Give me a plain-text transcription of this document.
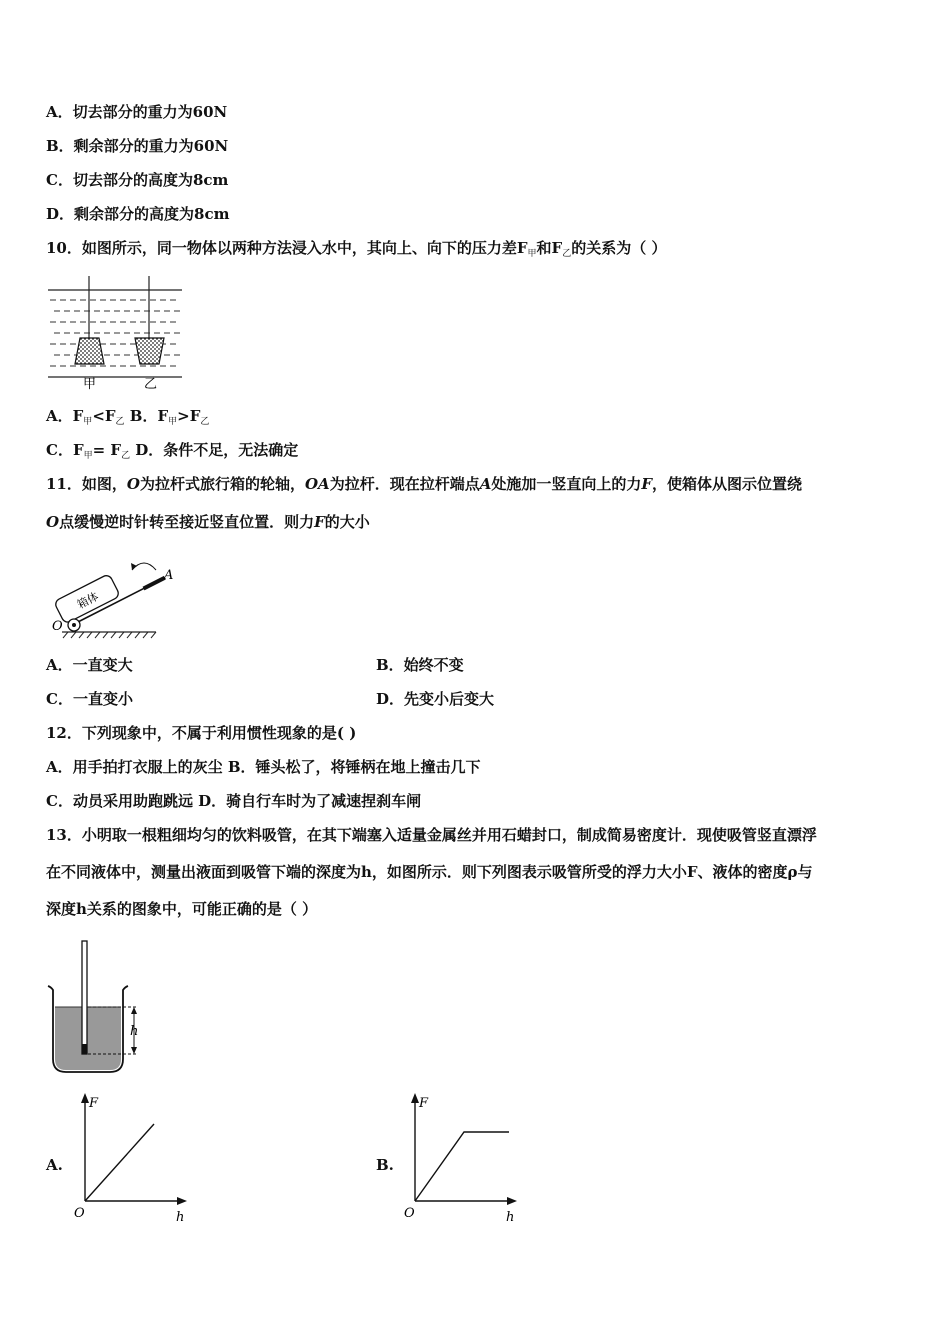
A．切去部分的重力为60N
B．剩余部分的重力为60N
C．切去部分的高度为8cm
D．剩余部分的高度为8cm
10．如图所示，同一物体以两种方法浸入水中，其向上、向下的压力差$F_甲$和$F_乙$的关系为（ ）
甲	乙
A．$F_甲<F_乙$ B．$F_甲>F_乙$
C．$F_甲= F_乙$ D．条件不足，无法确定
11．如图，O为拉杆式旅行箱的轮轴，OA为拉杆．现在拉杆端点A处施加一竖直向上的力F，使箱体从图示位置绕
O点缓慢逆时针转至接近竖直位置．则力F的大小
箱体
O
A
A．一直变大	B．始终不变
C．一直变小	D．先变小后变大
12．下列现象中，不属于利用惯性现象的是( )
A．用手拍打衣服上的灰尘 B．锤头松了，将锤柄在地上撞击几下
C．动员采用助跑跳远 D．骑自行车时为了减速捏刹车闸
13．小明取一根粗细均匀的饮料吸管，在其下端塞入适量金属丝并用石蜡封口，制成简易密度计．现使吸管竖直漂浮
在不同液体中，测量出液面到吸管下端的深度为h，如图所示．则下列图表示吸管所受的浮力大小F、液体的密度ρ与
深度h关系的图象中，可能正确的是（ ）
h
A.
F
h
O
B.
F
h
O
